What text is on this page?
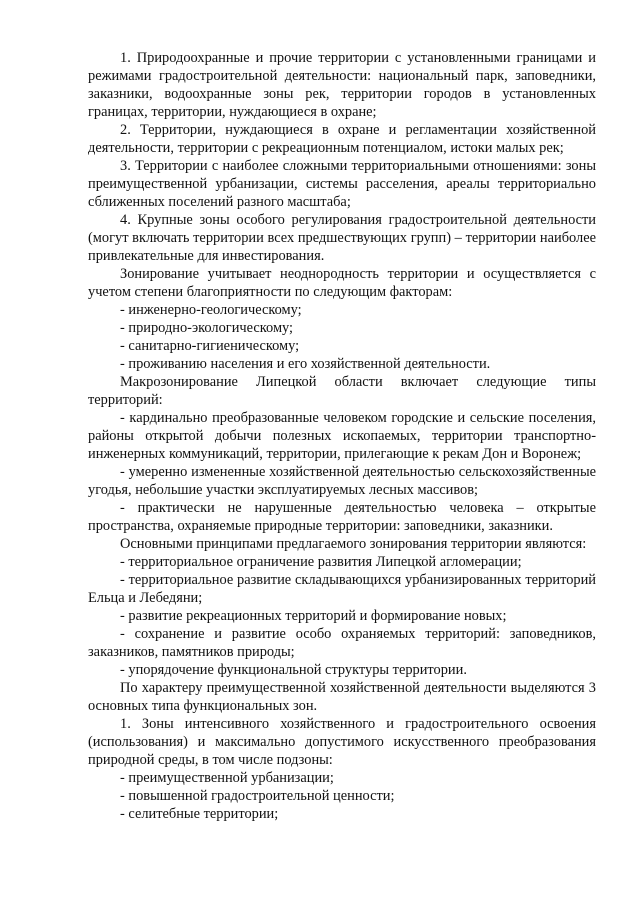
1. Природоохранные и прочие территории с установленными границами и режимами градостроительной деятельности: национальный парк, заповедники, заказники, водоохранные зоны рек, территории городов в установленных границах, территории, нуждающиеся в охране;

2. Территории, нуждающиеся в охране и регламентации хозяйственной деятельности, территории с рекреационным потенциалом, истоки малых рек;

3. Территории с наиболее сложными территориальными отношениями: зоны преимущественной урбанизации, системы расселения, ареалы территориально сближенных поселений разного масштаба;

4. Крупные зоны особого регулирования градостроительной деятельности (могут включать территории всех предшествующих групп) – территории наиболее привлекательные для инвестирования.

Зонирование учитывает неоднородность территории и осуществляется с учетом степени благоприятности по следующим факторам:

- инженерно-геологическому;

- природно-экологическому;

- санитарно-гигиеническому;

- проживанию населения и его хозяйственной деятельности.

Макрозонирование Липецкой области включает следующие типы территорий:

- кардинально преобразованные человеком городские и сельские поселения, районы открытой добычи полезных ископаемых, территории транспортно-инженерных коммуникаций, территории, прилегающие к рекам Дон и Воронеж;

- умеренно измененные хозяйственной деятельностью сельскохозяйственные угодья, небольшие участки эксплуатируемых лесных массивов;

- практически не нарушенные деятельностью человека – открытые пространства, охраняемые природные территории: заповедники, заказники.

Основными принципами предлагаемого зонирования территории являются:

- территориальное ограничение развития Липецкой агломерации;

- территориальное развитие складывающихся урбанизированных территорий Ельца и Лебедяни;

- развитие рекреационных территорий и формирование новых;

- сохранение и развитие особо охраняемых территорий: заповедников, заказников, памятников природы;

- упорядочение функциональной структуры территории.

По характеру преимущественной хозяйственной деятельности выделяются 3 основных типа функциональных зон.

1. Зоны интенсивного хозяйственного и градостроительного освоения (использования) и максимально допустимого искусственного преобразования природной среды, в том числе подзоны:

- преимущественной урбанизации;

- повышенной градостроительной ценности;

- селитебные территории;
